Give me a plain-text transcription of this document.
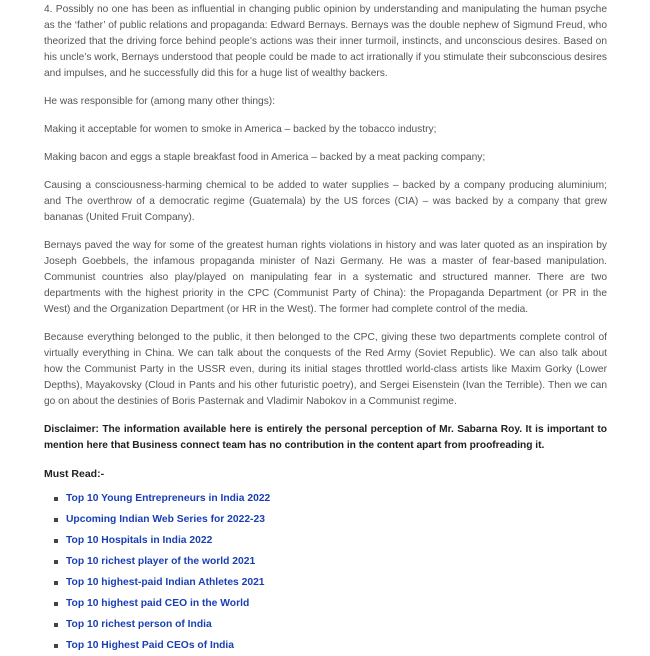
4. Possibly no one has been as influential in changing public opinion by understanding and manipulating the human psyche as the ‘father’ of public relations and propaganda: Edward Bernays. Bernays was the double nephew of Sigmund Freud, who theorized that the driving force behind people’s actions was their inner turmoil, instincts, and unconscious desires. Based on his uncle’s work, Bernays understood that people could be made to act irrationally if you stimulate their subconscious desires and impulses, and he successfully did this for a huge list of wealthy backers.

He was responsible for (among many other things):

Making it acceptable for women to smoke in America – backed by the tobacco industry;

Making bacon and eggs a staple breakfast food in America – backed by a meat packing company;

Causing a consciousness-harming chemical to be added to water supplies – backed by a company producing aluminium; and The overthrow of a democratic regime (Guatemala) by the US forces (CIA) – was backed by a company that grew bananas (United Fruit Company).

Bernays paved the way for some of the greatest human rights violations in history and was later quoted as an inspiration by Joseph Goebbels, the infamous propaganda minister of Nazi Germany. He was a master of fear-based manipulation. Communist countries also play/played on manipulating fear in a systematic and structured manner. There are two departments with the highest priority in the CPC (Communist Party of China): the Propaganda Department (or PR in the West) and the Organization Department (or HR in the West). The former had complete control of the media.

Because everything belonged to the public, it then belonged to the CPC, giving these two departments complete control of virtually everything in China. We can talk about the conquests of the Red Army (Soviet Republic). We can also talk about how the Communist Party in the USSR even, during its initial stages throttled world-class artists like Maxim Gorky (Lower Depths), Mayakovsky (Cloud in Pants and his other futuristic poetry), and Sergei Eisenstein (Ivan the Terrible). Then we can go on about the destinies of Boris Pasternak and Vladimir Nabokov in a Communist regime.

Disclaimer: The information available here is entirely the personal perception of Mr. Sabarna Roy. It is important to mention here that Business connect team has no contribution in the content apart from proofreading it.

Must Read:-
Top 10 Young Entrepreneurs in India 2022
Upcoming Indian Web Series for 2022-23
Top 10 Hospitals in India 2022
Top 10 richest player of the world 2021
Top 10 highest-paid Indian Athletes 2021
Top 10 highest paid CEO in the World
Top 10 richest person of India
Top 10 Highest Paid CEOs of India
